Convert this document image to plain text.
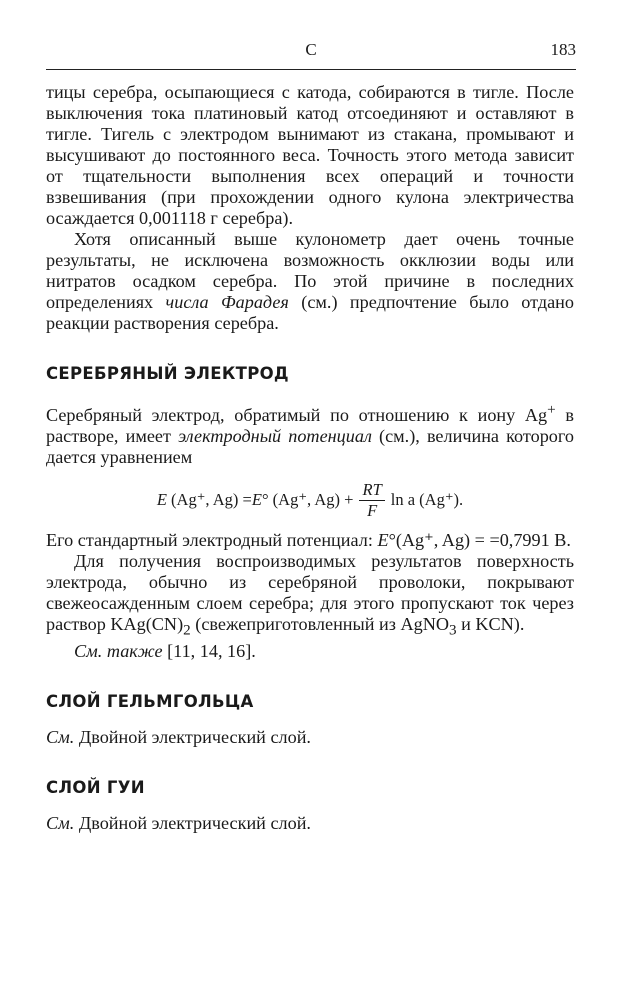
С	183

тицы серебра, осыпающиеся с катода, собираются в тигле. После выключения тока платиновый катод отсоединяют и оставляют в тигле. Тигель с электродом вынимают из стакана, промывают и высушивают до постоянного веса. Точность этого метода зависит от тщательности выполнения всех операций и точности взвешивания (при прохождении одного кулона электричества осаждается 0,001118 г серебра).

Хотя описанный выше кулонометр дает очень точные результаты, не исключена возможность окклюзии воды или нитратов осадком серебра. По этой причине в последних определениях числа Фарадея (см.) предпочтение было отдано реакции растворения серебра.

СЕРЕБРЯНЫЙ ЭЛЕКТРОД

Серебряный электрод, обратимый по отношению к иону Ag+ в растворе, имеет электродный потенциал (см.), величина которого дается уравнением

E
(Ag⁺, Ag) = E ° (Ag⁺, $Ag) + \frac{RT}{F}$ ln a (Ag⁺).

Его стандартный электродный потенциал: E°(Ag⁺, Ag) = =0,7991 В.

Для получения воспроизводимых результатов поверхность электрода, обычно из серебряной проволоки, покрывают свежеосажденным слоем серебра; для этого пропускают ток через раствор $KAg(CN)_2$ (свежеприготовленный из AgNO$_3$ и KCN).

См. также [11, 14, 16].

СЛОЙ ГЕЛЬМГОЛЬЦА

См. Двойной электрический слой.

СЛОЙ ГУИ

См. Двойной электрический слой.
